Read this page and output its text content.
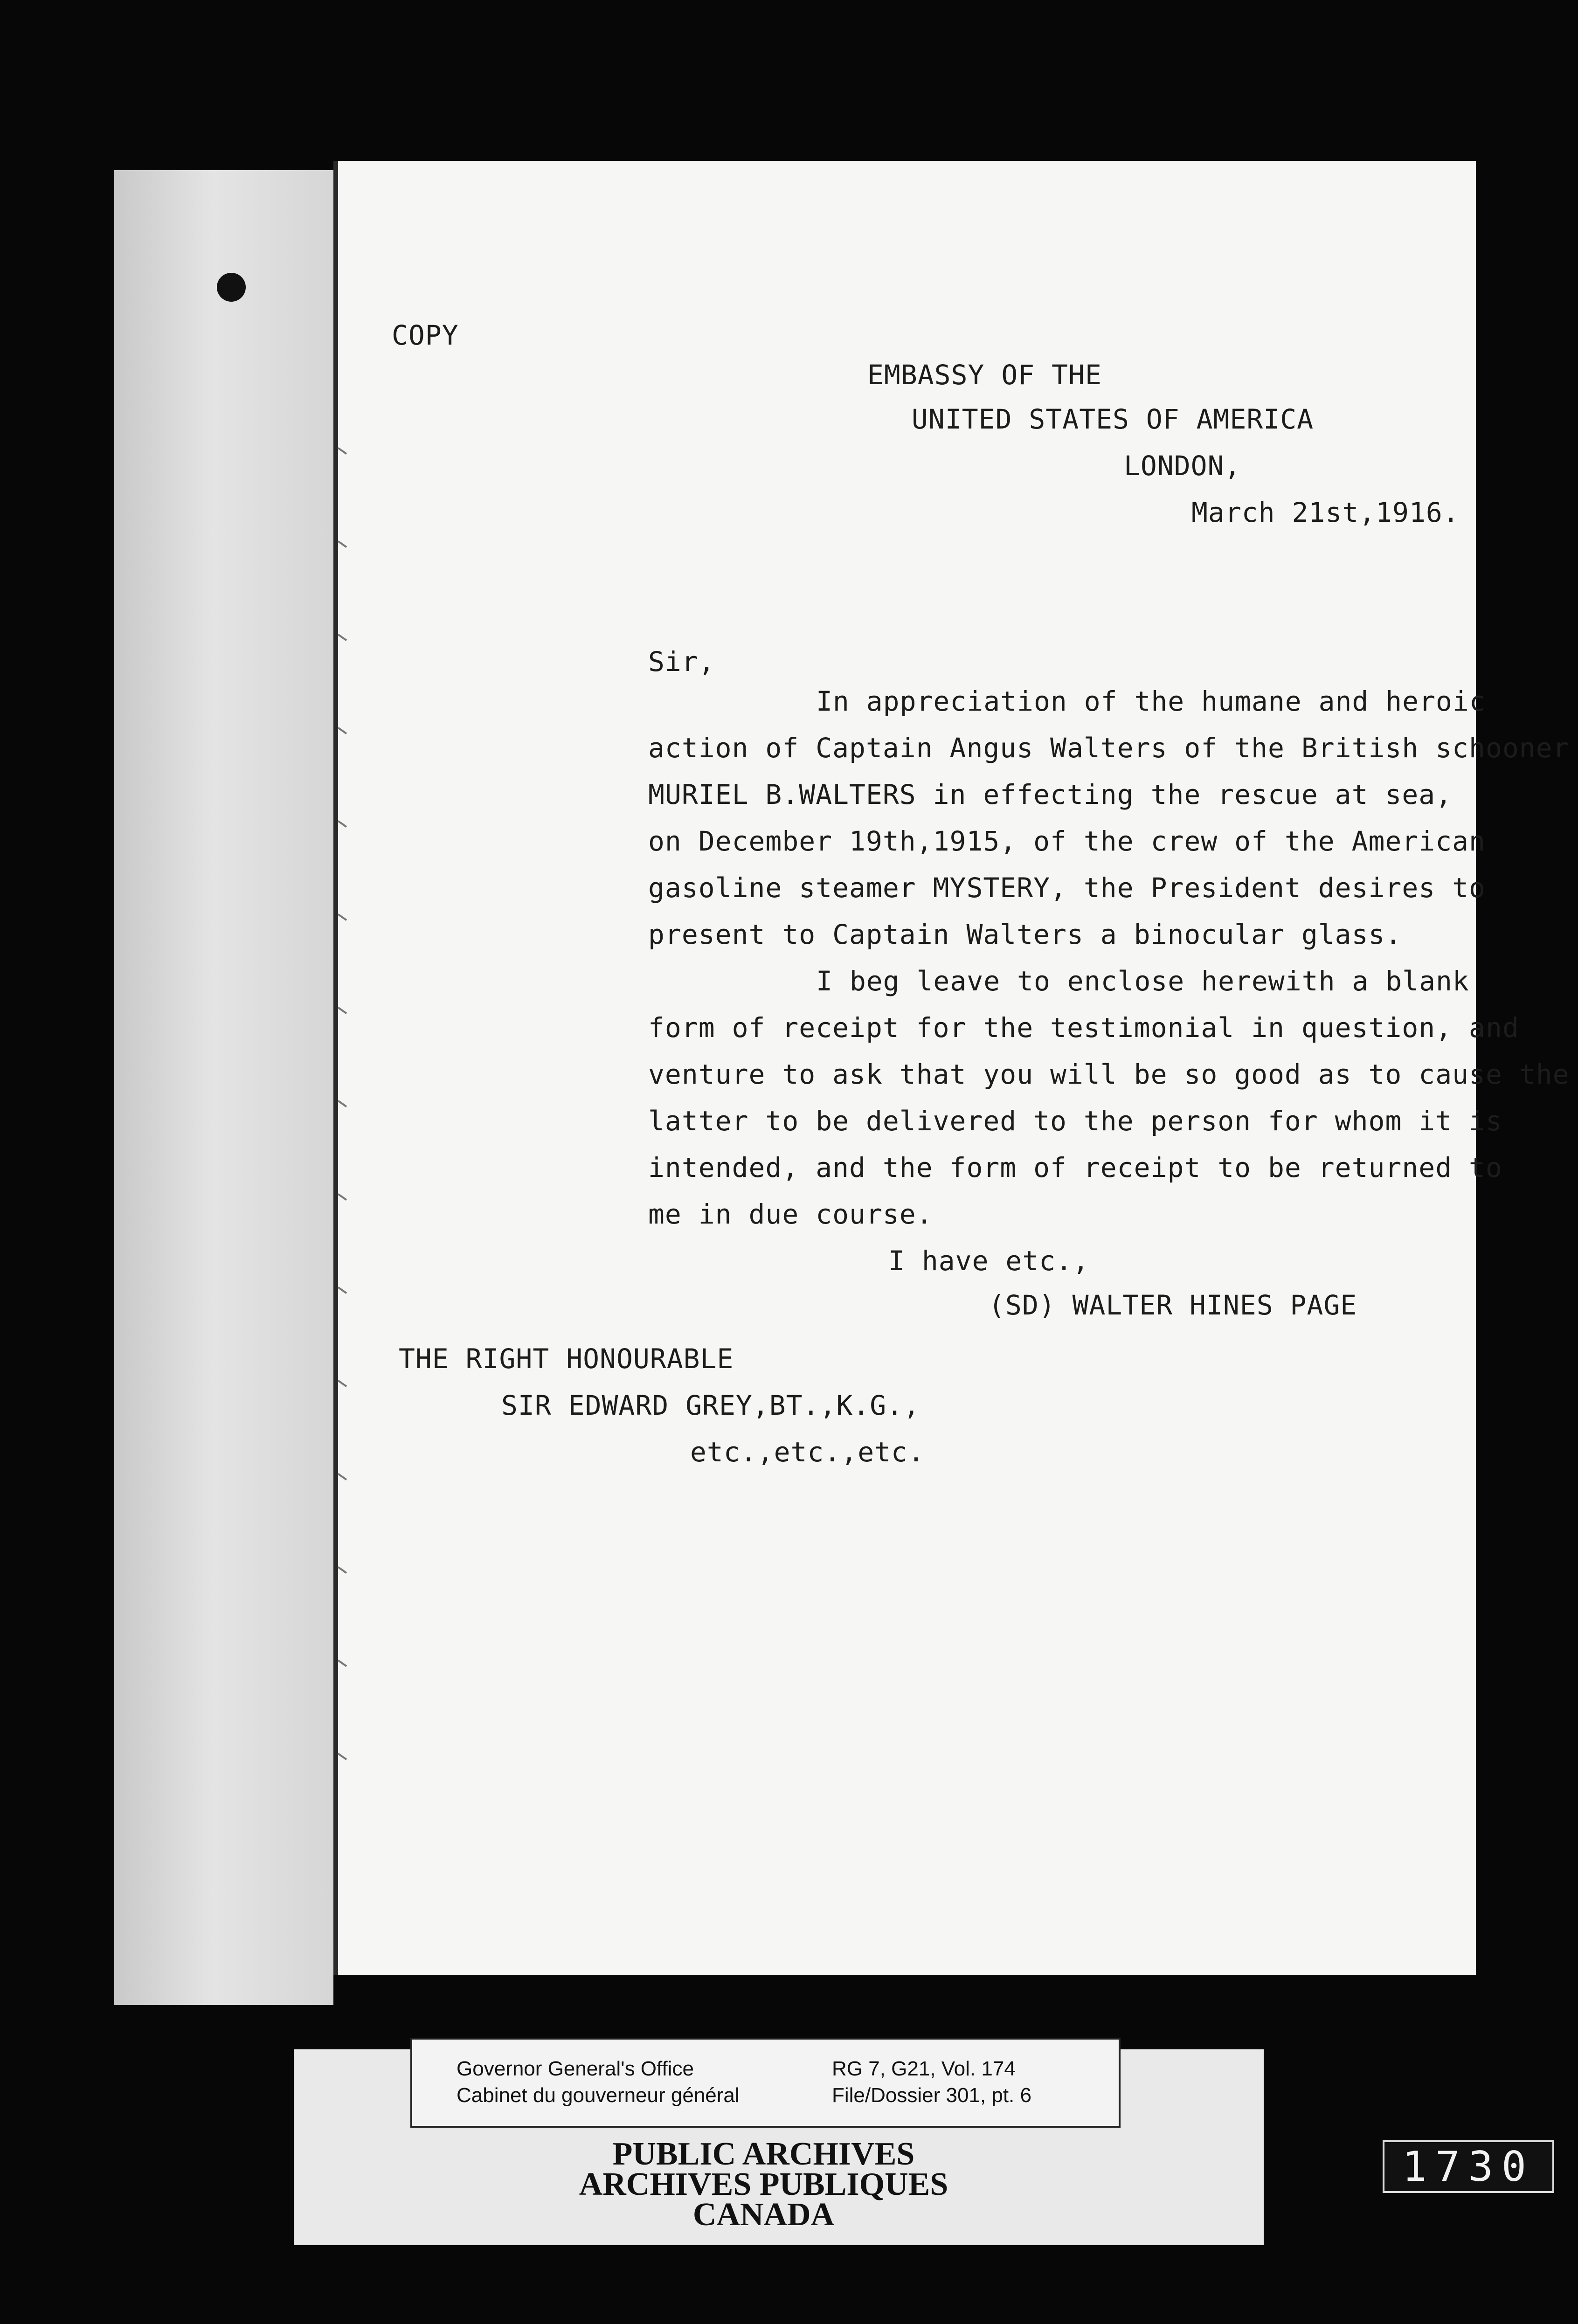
COPY
EMBASSY OF THE
UNITED STATES OF AMERICA
LONDON,
March 21st,1916.
Sir,
In appreciation of the humane and heroic
action of Captain Angus Walters of the British schooner
MURIEL B.WALTERS in effecting the rescue at sea,
on December 19th,1915, of the crew of the American
gasoline steamer MYSTERY, the President desires to
present to Captain Walters a binocular glass.
I beg leave to enclose herewith a blank
form of receipt for the testimonial in question, and
venture to ask that you will be so good as to cause the
latter to be delivered to the person for whom it is
intended, and the form of receipt to be returned to
me in due course.
I have etc.,
(SD) WALTER HINES PAGE
THE RIGHT HONOURABLE
SIR EDWARD GREY,BT.,K.G.,
etc.,etc.,etc.
Governor General's Office
Cabinet du gouverneur général
RG 7, G21, Vol. 174
File/Dossier 301, pt. 6
PUBLIC ARCHIVES
ARCHIVES PUBLIQUES
CANADA
1730
